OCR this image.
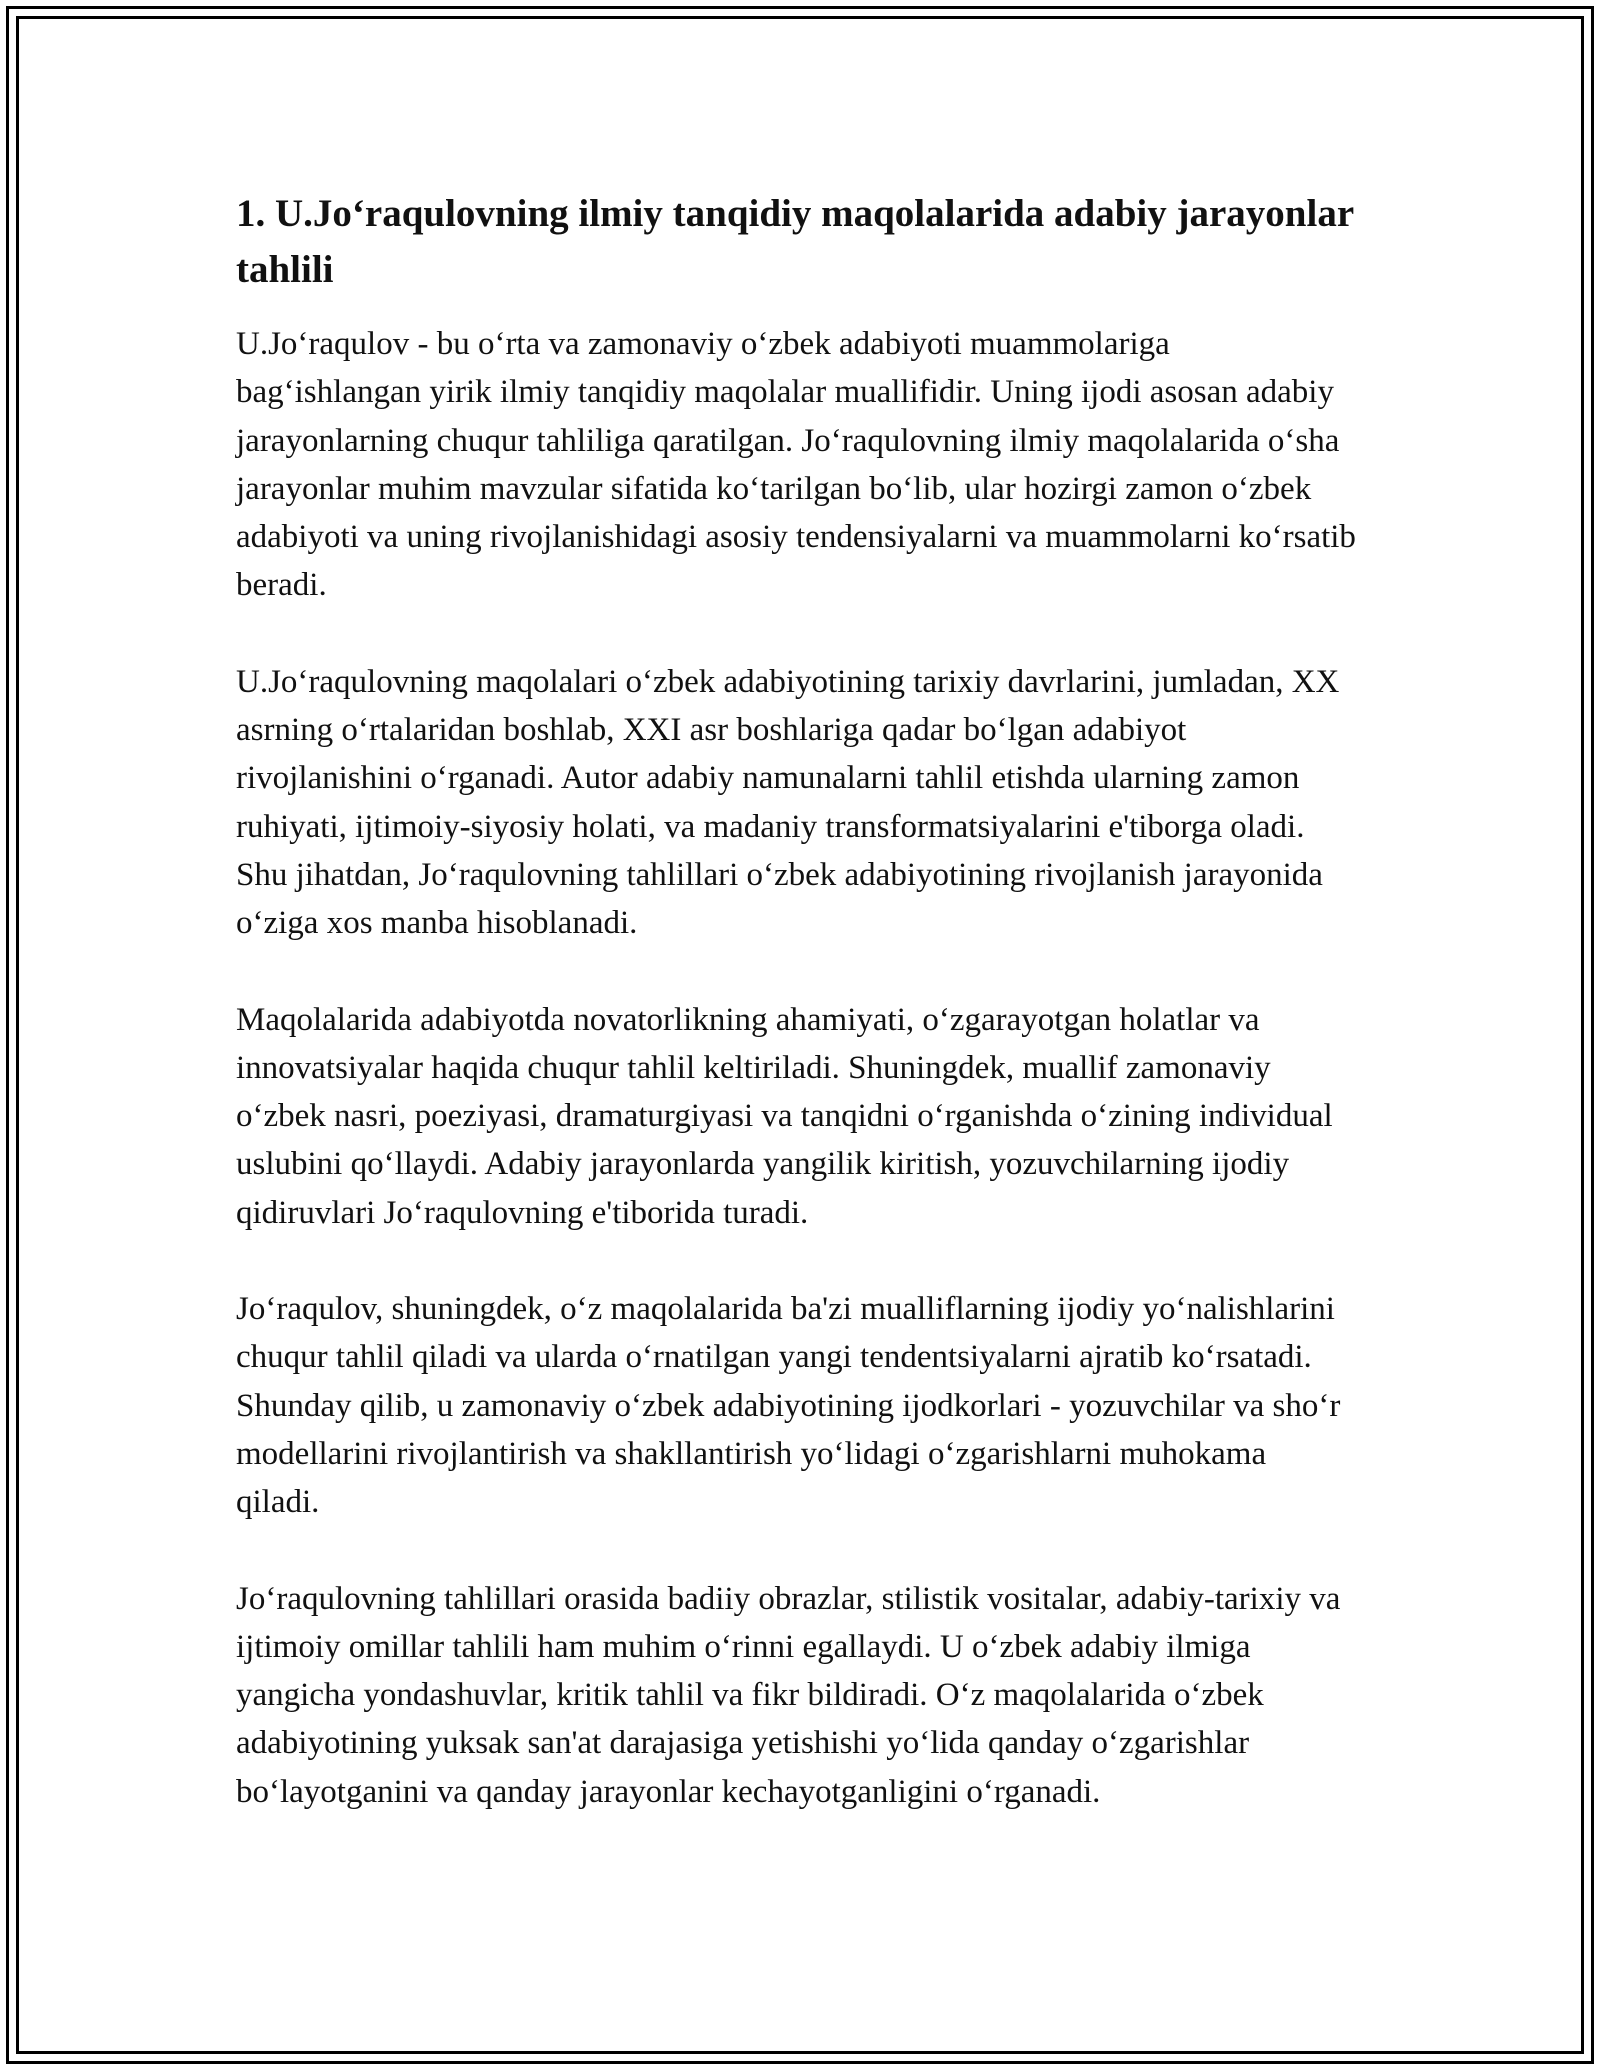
1. U.Jo‘raqulovning ilmiy tanqidiy maqolalarida adabiy jarayonlar tahlili

U.Jo‘raqulov - bu o‘rta va zamonaviy o‘zbek adabiyoti muammolariga bag‘ishlangan yirik ilmiy tanqidiy maqolalar muallifidir. Uning ijodi asosan adabiy jarayonlarning chuqur tahliliga qaratilgan. Jo‘raqulovning ilmiy maqolalarida o‘sha jarayonlar muhim mavzular sifatida ko‘tarilgan bo‘lib, ular hozirgi zamon o‘zbek adabiyoti va uning rivojlanishidagi asosiy tendensiyalarni va muammolarni ko‘rsatib beradi.

U.Jo‘raqulovning maqolalari o‘zbek adabiyotining tarixiy davrlarini, jumladan, XX asrning o‘rtalaridan boshlab, XXI asr boshlariga qadar bo‘lgan adabiyot rivojlanishini o‘rganadi. Autor adabiy namunalarni tahlil etishda ularning zamon ruhiyati, ijtimoiy-siyosiy holati, va madaniy transformatsiyalarini e'tiborga oladi. Shu jihatdan, Jo‘raqulovning tahlillari o‘zbek adabiyotining rivojlanish jarayonida o‘ziga xos manba hisoblanadi.

Maqolalarida adabiyotda novatorlikning ahamiyati, o‘zgarayotgan holatlar va innovatsiyalar haqida chuqur tahlil keltiriladi. Shuningdek, muallif zamonaviy o‘zbek nasri, poeziyasi, dramaturgiyasi va tanqidni o‘rganishda o‘zining individual uslubini qo‘llaydi. Adabiy jarayonlarda yangilik kiritish, yozuvchilarning ijodiy qidiruvlari Jo‘raqulovning e'tiborida turadi.

Jo‘raqulov, shuningdek, o‘z maqolalarida ba'zi mualliflarning ijodiy yo‘nalishlarini chuqur tahlil qiladi va ularda o‘rnatilgan yangi tendentsiyalarni ajratib ko‘rsatadi. Shunday qilib, u zamonaviy o‘zbek adabiyotining ijodkorlari - yozuvchilar va sho‘r modellarini rivojlantirish va shakllantirish yo‘lidagi o‘zgarishlarni muhokama qiladi.

Jo‘raqulovning tahlillari orasida badiiy obrazlar, stilistik vositalar, adabiy-tarixiy va ijtimoiy omillar tahlili ham muhim o‘rinni egallaydi. U o‘zbek adabiy ilmiga yangicha yondashuvlar, kritik tahlil va fikr bildiradi. O‘z maqolalarida o‘zbek adabiyotining yuksak san'at darajasiga yetishishi yo‘lida qanday o‘zgarishlar bo‘layotganini va qanday jarayonlar kechayotganligini o‘rganadi.
